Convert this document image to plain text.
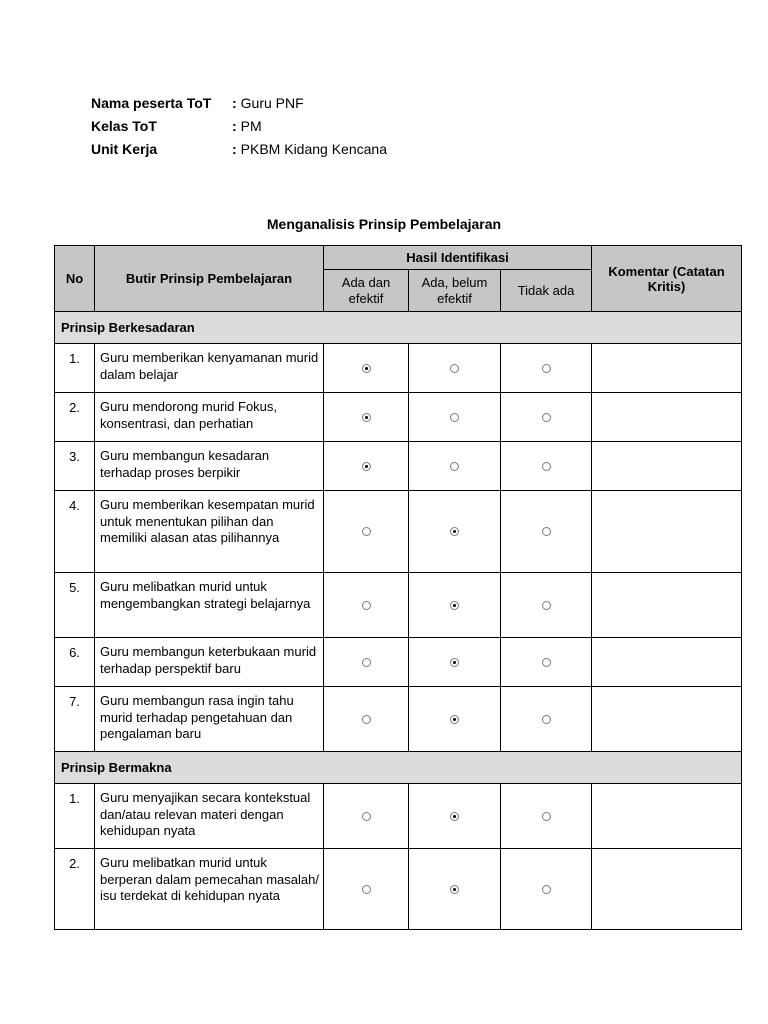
Nama peserta ToT	: Guru PNF
Kelas ToT	: PM
Unit Kerja	: PKBM Kidang Kencana
Menganalisis Prinsip Pembelajaran
No	Butir Prinsip Pembelajaran	Hasil Identifikasi			Komentar (Catatan Kritis)
		Ada dan efektif	Ada, belum efektif	Tidak ada	
Prinsip Berkesadaran					
1.	Guru memberikan kenyamanan murid dalam belajar				
2.	Guru mendorong murid Fokus, konsentrasi, dan perhatian				
3.	Guru membangun kesadaran terhadap proses berpikir				
4.	Guru memberikan kesempatan murid untuk menentukan pilihan dan memiliki alasan atas pilihannya				
5.	Guru melibatkan murid untuk mengembangkan strategi belajarnya				
6.	Guru membangun keterbukaan murid terhadap perspektif baru				
7.	Guru membangun rasa ingin tahu murid terhadap pengetahuan dan pengalaman baru				
Prinsip Bermakna					
1.	Guru menyajikan secara kontekstual dan/atau relevan materi dengan kehidupan nyata				
2.	Guru melibatkan murid untuk berperan dalam pemecahan masalah/ isu terdekat di kehidupan nyata				
